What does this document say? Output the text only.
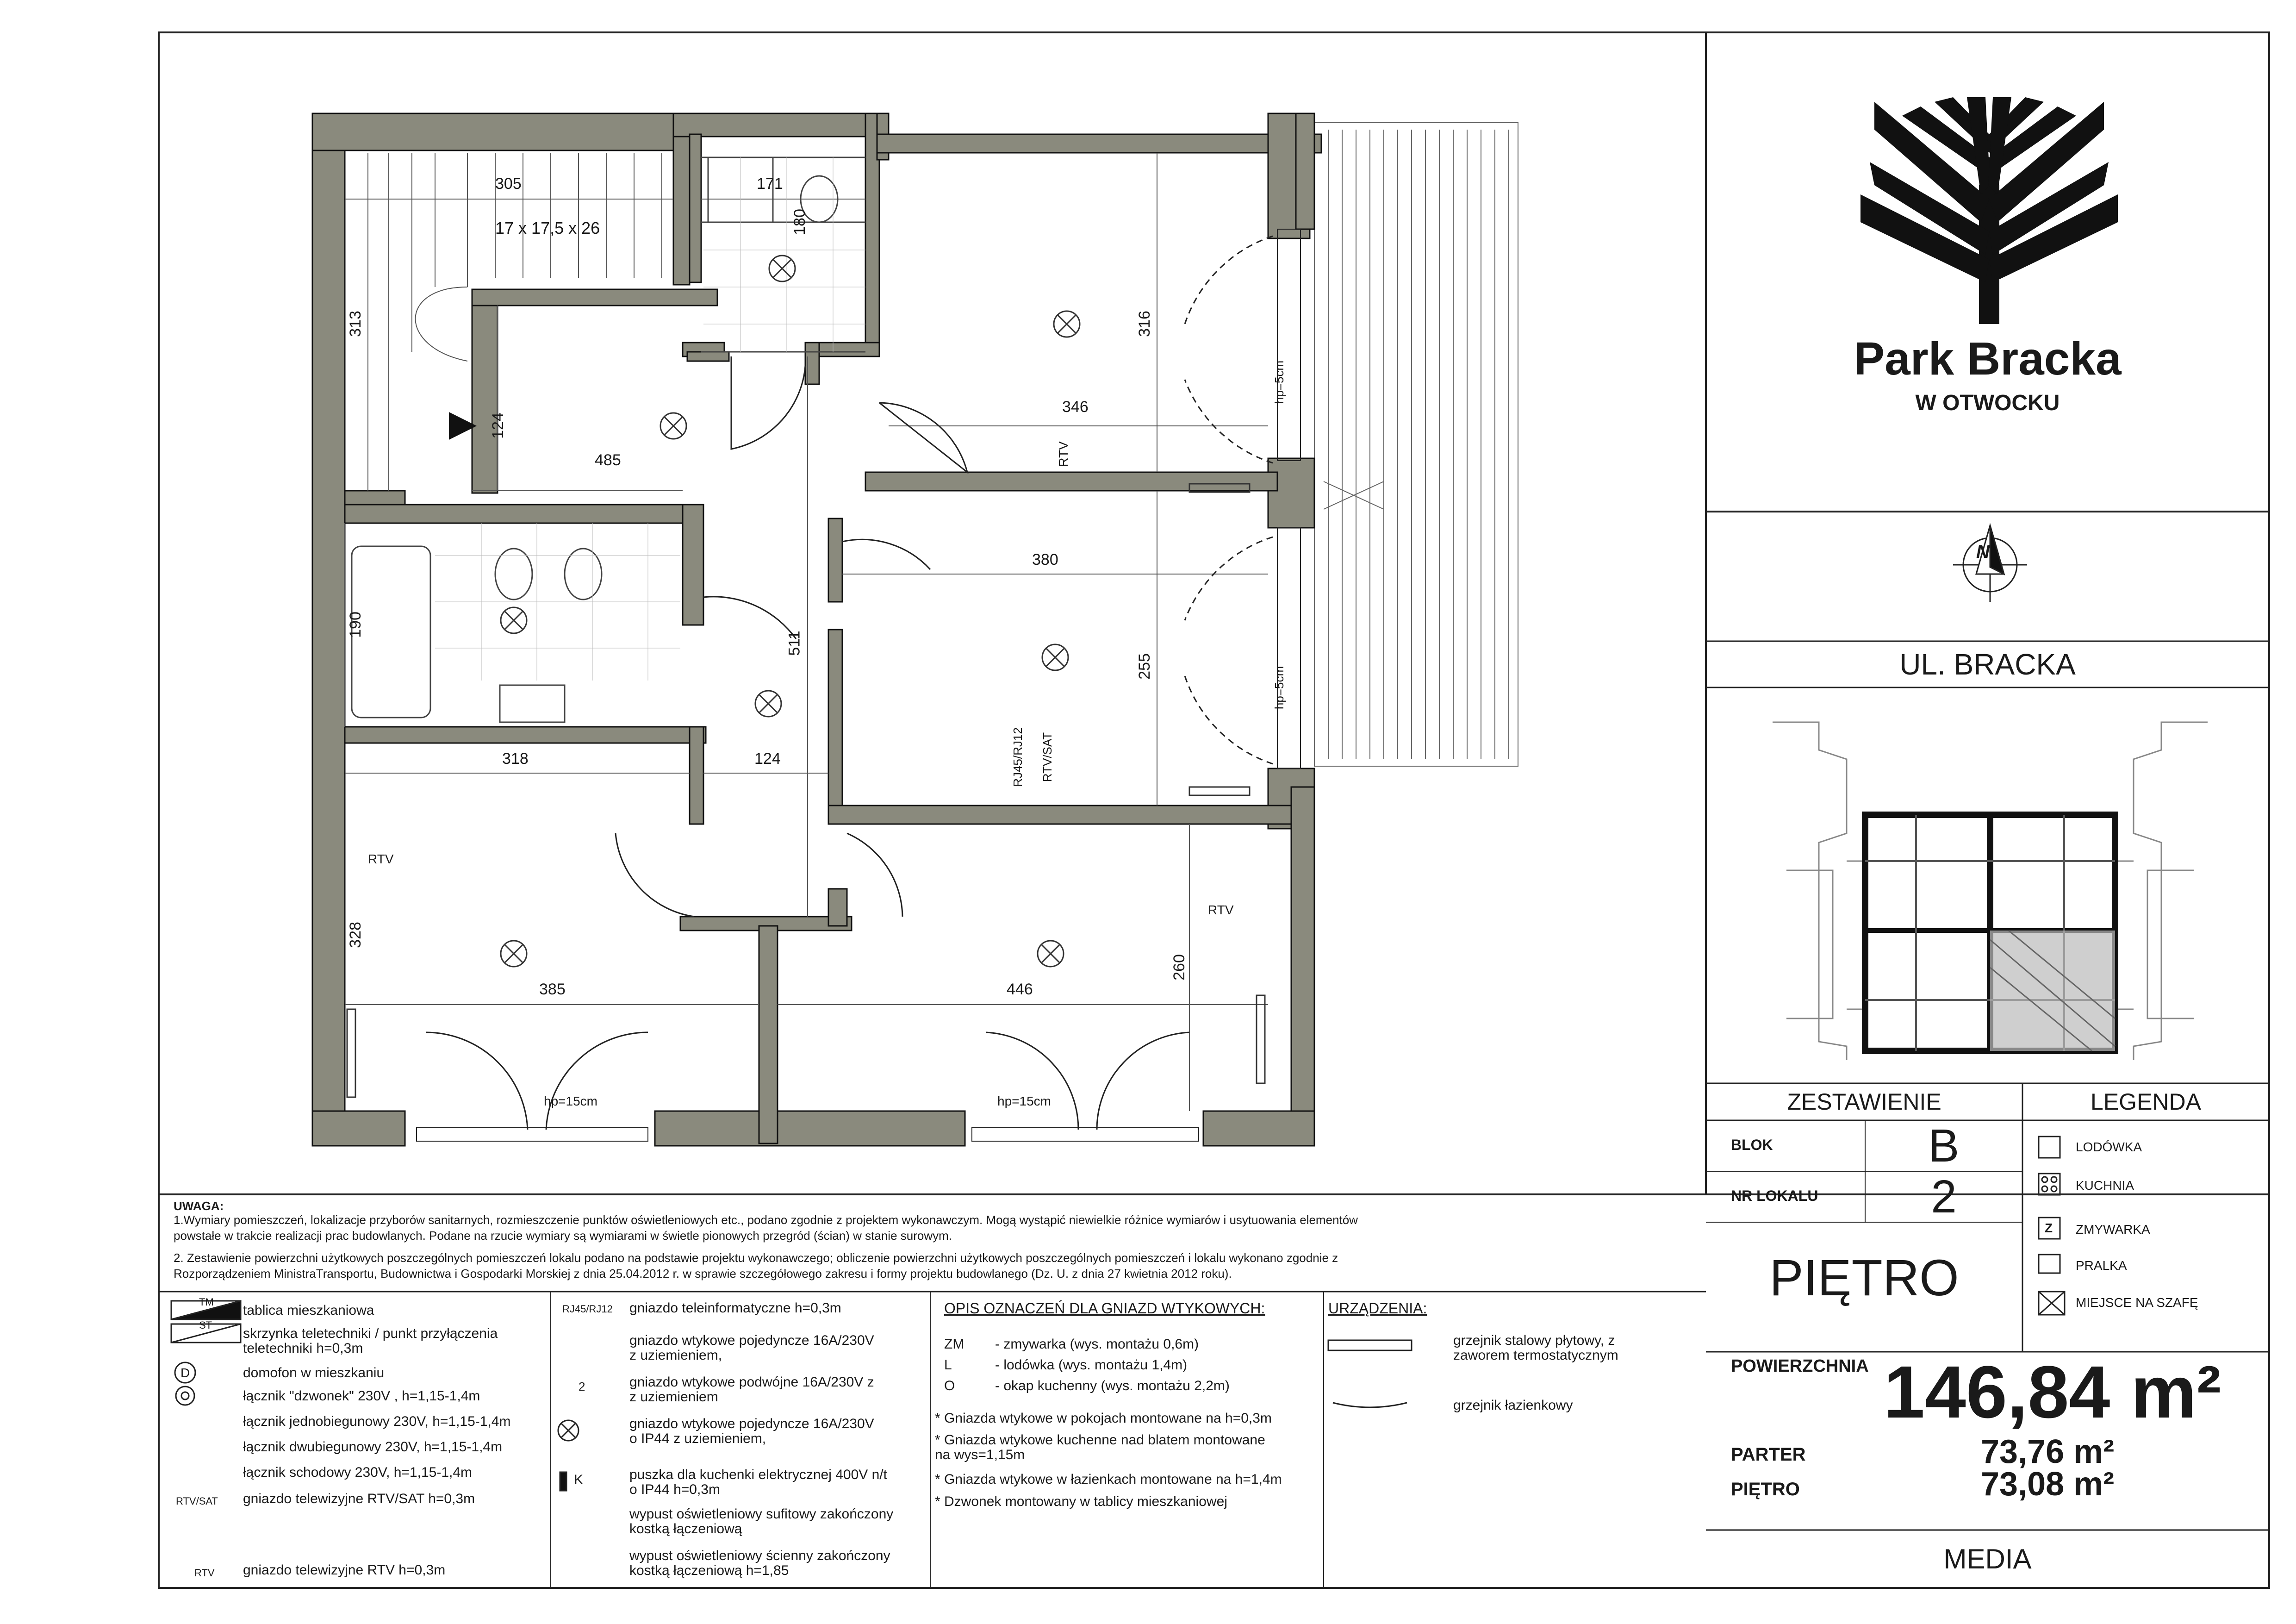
305	171
180
313
124
485
316
346
380
190
511
255
318	124
328
385	446
260
17 x 17,5 x 26
hp=15cm	hp=15cm
hp=5cm
hp=5cm
RTV
RJ45/RJ12 RTV/SAT
RTV
RTV
Park Bracka
W OTWOCKU
N
UL. BRACKA
ZESTAWIENIE	LEGENDA
BLOK	B
NR LOKALU	2
PIĘTRO
POWIERZCHNIA 146,84 m²
PARTER	73,76 m²
PIĘTRO	73,08 m²
MEDIA
LODÓWKA
KUCHNIA
Z ZMYWARKA
PRALKA
MIEJSCE NA SZAFĘ
UWAGA:
1.Wymiary pomieszczeń, lokalizacje przyborów sanitarnych, rozmieszczenie punktów oświetleniowych etc., podano zgodnie z projektem wykonawczym. Mogą wystąpić niewielkie różnice wymiarów i usytuowania elementów
powstałe w trakcie realizacji prac budowlanych. Podane na rzucie wymiary są wymiarami w świetle pionowych przegród (ścian) w stanie surowym.
2. Zestawienie powierzchni użytkowych poszczególnych pomieszczeń lokalu podano na podstawie projektu wykonawczego; obliczenie powierzchni użytkowych poszczególnych pomieszczeń i lokalu wykonano zgodnie z
Rozporządzeniem MinistraTransportu, Budownictwa i Gospodarki Morskiej z dnia 25.04.2012 r. w sprawie szczegółowego zakresu i formy projektu budowlanego (Dz. U. z dnia 27 kwietnia 2012 roku).
TM
ST
D
tablica mieszkaniowa
skrzynka teletechniki / punkt przyłączenia
teletechniki h=0,3m
domofon w mieszkaniu
łącznik "dzwonek" 230V , h=1,15-1,4m
łącznik jednobiegunowy 230V, h=1,15-1,4m
łącznik dwubiegunowy 230V, h=1,15-1,4m
łącznik schodowy 230V, h=1,15-1,4m
RTV/SAT gniazdo telewizyjne RTV/SAT h=0,3m
RTV gniazdo telewizyjne RTV h=0,3m
RJ45/RJ12 gniazdo teleinformatyczne h=0,3m
gniazdo wtykowe pojedyncze 16A/230V
z uziemieniem,
2	gniazdo wtykowe podwójne 16A/230V z
z uziemieniem
gniazdo wtykowe pojedyncze 16A/230V
o IP44 z uziemieniem,
K	puszka dla kuchenki elektrycznej 400V n/t
o IP44 h=0,3m
wypust oświetleniowy sufitowy zakończony
kostką łączeniową
wypust oświetleniowy ścienny zakończony
kostką łączeniową h=1,85
OPIS OZNACZEŃ DLA GNIAZD WTYKOWYCH:
ZM - zmywarka (wys. montażu 0,6m)
L	- lodówka (wys. montażu 1,4m)
O	- okap kuchenny (wys. montażu 2,2m)
* Gniazda wtykowe w pokojach montowane na h=0,3m
* Gniazda wtykowe kuchenne nad blatem montowane
na wys=1,15m
* Gniazda wtykowe w łazienkach montowane na h=1,4m
* Dzwonek montowany w tablicy mieszkaniowej
URZĄDZENIA:
grzejnik stalowy płytowy, z
zaworem termostatycznym
grzejnik łazienkowy
